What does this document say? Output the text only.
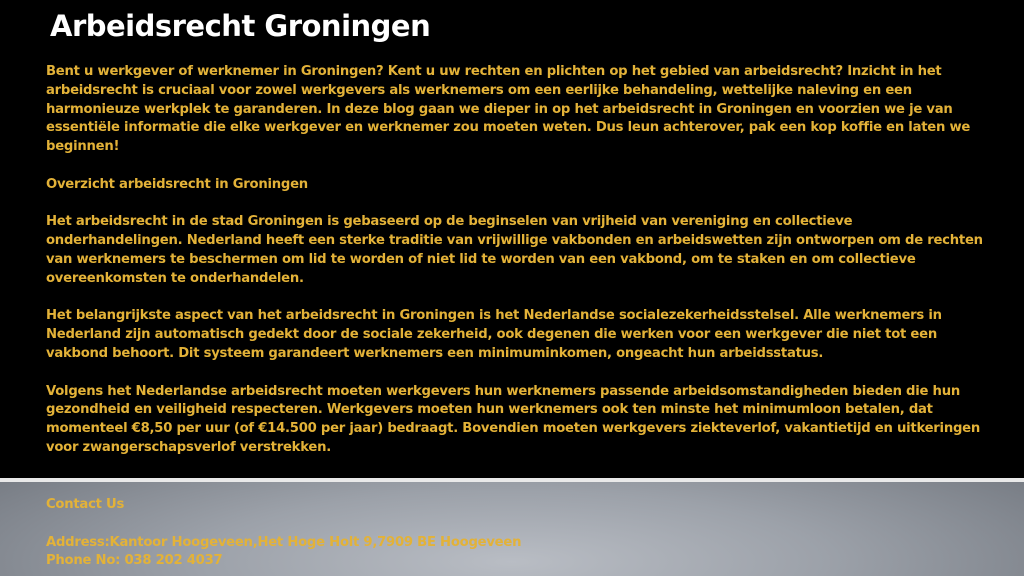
Arbeidsrecht Groningen

Bent u werkgever of werknemer in Groningen? Kent u uw rechten en plichten op het gebied van arbeidsrecht? Inzicht in het arbeidsrecht is cruciaal voor zowel werkgevers als werknemers om een eerlijke behandeling, wettelijke naleving en een harmonieuze werkplek te garanderen. In deze blog gaan we dieper in op het arbeidsrecht in Groningen en voorzien we je van essentiële informatie die elke werkgever en werknemer zou moeten weten. Dus leun achterover, pak een kop koffie en laten we beginnen!

Overzicht arbeidsrecht in Groningen

Het arbeidsrecht in de stad Groningen is gebaseerd op de beginselen van vrijheid van vereniging en collectieve onderhandelingen. Nederland heeft een sterke traditie van vrijwillige vakbonden en arbeidswetten zijn ontworpen om de rechten van werknemers te beschermen om lid te worden of niet lid te worden van een vakbond, om te staken en om collectieve overeenkomsten te onderhandelen.

Het belangrijkste aspect van het arbeidsrecht in Groningen is het Nederlandse socialezekerheidsstelsel. Alle werknemers in Nederland zijn automatisch gedekt door de sociale zekerheid, ook degenen die werken voor een werkgever die niet tot een vakbond behoort. Dit systeem garandeert werknemers een minimuminkomen, ongeacht hun arbeidsstatus.

Volgens het Nederlandse arbeidsrecht moeten werkgevers hun werknemers passende arbeidsomstandigheden bieden die hun gezondheid en veiligheid respecteren. Werkgevers moeten hun werknemers ook ten minste het minimumloon betalen, dat momenteel €8,50 per uur (of €14.500 per jaar) bedraagt. Bovendien moeten werkgevers ziekteverlof, vakantietijd en uitkeringen voor zwangerschapsverlof verstrekken.

Contact Us
Address:Kantoor Hoogeveen,Het Hoge Holt 9,7909 BE Hoogeveen
Phone No: 038 202 4037
